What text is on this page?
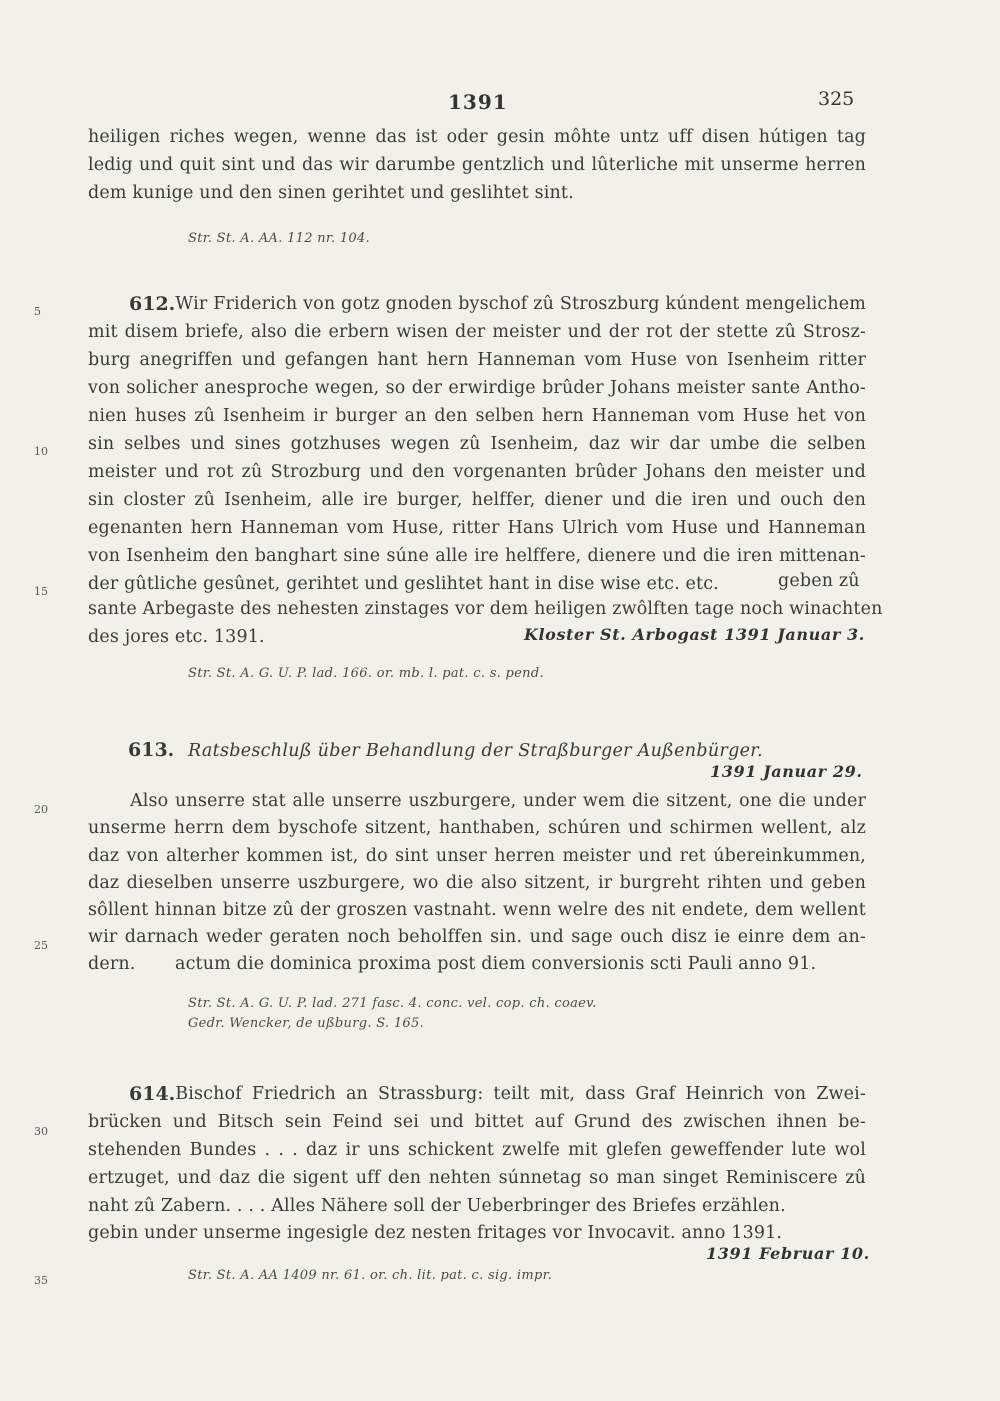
1391	325
heiligen riches wegen, wenne das ist oder gesin môhte untz uff disen hútigen tag
ledig und quit sint und das wir darumbe gentzlich und lûterliche mit unserme herren
dem kunige und den sinen gerihtet und geslihtet sint.
Str. St. A. AA. 112 nr. 104.
5	612. Wir Friderich von gotz gnoden byschof zû Stroszburg kúndent mengelichem
mit disem briefe, also die erbern wisen der meister und der rot der stette zû Strosz-
burg anegriffen und gefangen hant hern Hanneman vom Huse von Isenheim ritter
von solicher anesproche wegen, so der erwirdige brûder Johans meister sante Antho-
nien huses zû Isenheim ir burger an den selben hern Hanneman vom Huse het von
10 sin selbes und sines gotzhuses wegen zû Isenheim, daz wir dar umbe die selben
meister und rot zû Strozburg und den vorgenanten brûder Johans den meister und
sin closter zû Isenheim, alle ire burger, helffer, diener und die iren und ouch den
egenanten hern Hanneman vom Huse, ritter Hans Ulrich vom Huse und Hanneman
von Isenheim den banghart sine súne alle ire helffere, dienere und die iren mittenan-
15 der gûtliche gesûnet, gerihtet und geslihtet hant in dise wise etc. etc.	geben zû
sante Arbegaste des nehesten zinstages vor dem heiligen zwôlften tage noch winachten
des jores etc. 1391.	Kloster St. Arbogast 1391 Januar 3.
Str. St. A. G. U. P. lad. 166. or. mb. l. pat. c. s. pend.
613. Ratsbeschluß über Behandlung der Straßburger Außenbürger.
1391 Januar 29.
20	Also unserre stat alle unserre uszburgere, under wem die sitzent, one die under
unserme herrn dem byschofe sitzent, hanthaben, schúren und schirmen wellent, alz
daz von alterher kommen ist, do sint unser herren meister und ret úbereinkummen,
daz dieselben unserre uszburgere, wo die also sitzent, ir burgreht rihten und geben
sôllent hinnan bitze zû der groszen vastnaht. wenn welre des nit endete, dem wellent
25 wir darnach weder geraten noch beholffen sin. und sage ouch disz ie einre dem an-
dern. actum die dominica proxima post diem conversionis scti Pauli anno 91.
Str. St. A. G. U. P. lad. 271 fasc. 4. conc. vel. cop. ch. coaev.
Gedr. Wencker, de ußburg. S. 165.
614. Bischof Friedrich an Strassburg: teilt mit, dass Graf Heinrich von Zwei-
30 brücken und Bitsch sein Feind sei und bittet auf Grund des zwischen ihnen be-
stehenden Bundes . . . daz ir uns schickent zwelfe mit glefen geweffender lute wol
ertzuget, und daz die sigent uff den nehten súnnetag so man singet Reminiscere zû
naht zû Zabern. . . . Alles Nähere soll der Ueberbringer des Briefes erzählen.
gebin under unserme ingesigle dez nesten fritages vor Invocavit. anno 1391.
1391 Februar 10.
35	Str. St. A. AA 1409 nr. 61. or. ch. lit. pat. c. sig. impr.
